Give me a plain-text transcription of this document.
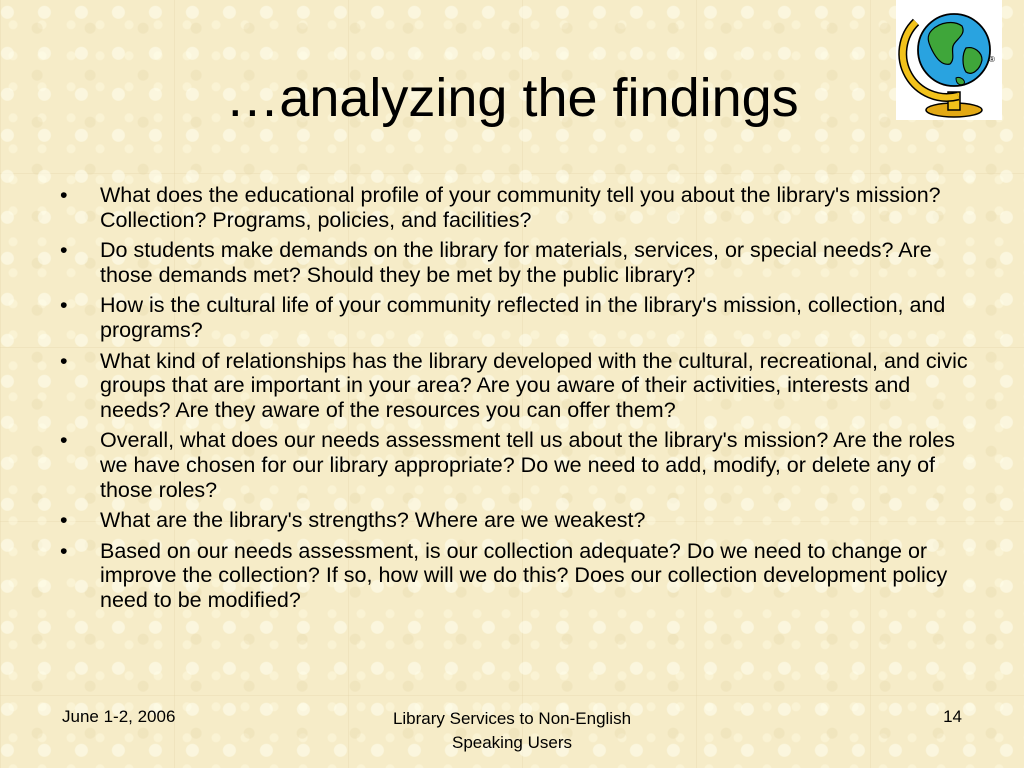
…analyzing the findings
®
• What does the educational profile of your community tell you about the library's mission? Collection? Programs, policies, and facilities?
• Do students make demands on the library for materials, services, or special needs? Are those demands met? Should they be met by the public library?
• How is the cultural life of your community reflected in the library's mission, collection, and programs?
• What kind of relationships has the library developed with the cultural, recreational, and civic groups that are important in your area? Are you aware of their activities, interests and needs? Are they aware of the resources you can offer them?
• Overall, what does our needs assessment tell us about the library's mission? Are the roles we have chosen for our library appropriate? Do we need to add, modify, or delete any of those roles?
• What are the library's strengths? Where are we weakest?
• Based on our needs assessment, is our collection adequate? Do we need to change or improve the collection? If so, how will we do this? Does our collection development policy need to be modified?
June 1-2, 2006	Library Services to Non-English
Speaking Users
14
